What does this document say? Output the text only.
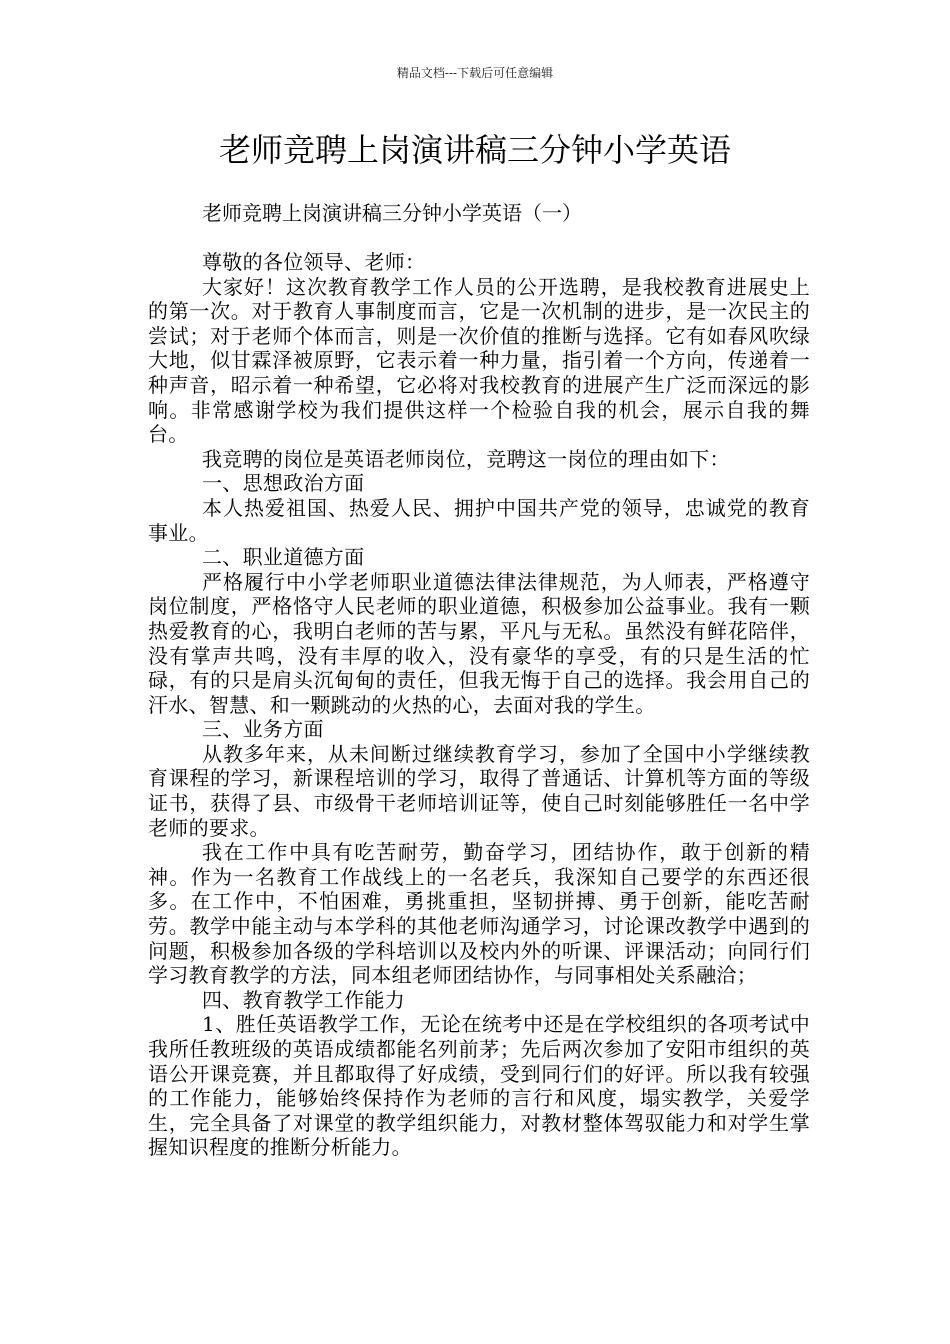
精品文档---下载后可任意编辑
老师竞聘上岗演讲稿三分钟小学英语
老师竞聘上岗演讲稿三分钟小学英语（一）

尊敬的各位领导、老师：

大家好！这次教育教学工作人员的公开选聘，是我校教育进展史上的第一次。对于教育人事制度而言，它是一次机制的进步，是一次民主的尝试；对于老师个体而言，则是一次价值的推断与选择。它有如春风吹绿大地，似甘霖泽被原野，它表示着一种力量，指引着一个方向，传递着一种声音，昭示着一种希望，它必将对我校教育的进展产生广泛而深远的影响。非常感谢学校为我们提供这样一个检验自我的机会，展示自我的舞台。

我竞聘的岗位是英语老师岗位，竞聘这一岗位的理由如下：

一、思想政治方面

本人热爱祖国、热爱人民、拥护中国共产党的领导，忠诚党的教育事业。

二、职业道德方面

严格履行中小学老师职业道德法律法律规范，为人师表，严格遵守岗位制度，严格恪守人民老师的职业道德，积极参加公益事业。我有一颗热爱教育的心，我明白老师的苦与累，平凡与无私。虽然没有鲜花陪伴，没有掌声共鸣，没有丰厚的收入，没有豪华的享受，有的只是生活的忙碌，有的只是肩头沉甸甸的责任，但我无悔于自己的选择。我会用自己的汗水、智慧、和一颗跳动的火热的心，去面对我的学生。

三、业务方面

从教多年来，从未间断过继续教育学习，参加了全国中小学继续教育课程的学习，新课程培训的学习，取得了普通话、计算机等方面的等级证书，获得了县、市级骨干老师培训证等，使自己时刻能够胜任一名中学老师的要求。

我在工作中具有吃苦耐劳，勤奋学习，团结协作，敢于创新的精神。作为一名教育工作战线上的一名老兵，我深知自己要学的东西还很多。在工作中，不怕困难，勇挑重担，坚韧拼搏、勇于创新，能吃苦耐劳。教学中能主动与本学科的其他老师沟通学习，讨论课改教学中遇到的问题，积极参加各级的学科培训以及校内外的听课、评课活动；向同行们学习教育教学的方法，同本组老师团结协作，与同事相处关系融洽；

四、教育教学工作能力

1、胜任英语教学工作，无论在统考中还是在学校组织的各项考试中我所任教班级的英语成绩都能名列前茅；先后两次参加了安阳市组织的英语公开课竞赛，并且都取得了好成绩，受到同行们的好评。所以我有较强的工作能力，能够始终保持作为老师的言行和风度，塌实教学，关爱学生，完全具备了对课堂的教学组织能力，对教材整体驾驭能力和对学生掌握知识程度的推断分析能力。
